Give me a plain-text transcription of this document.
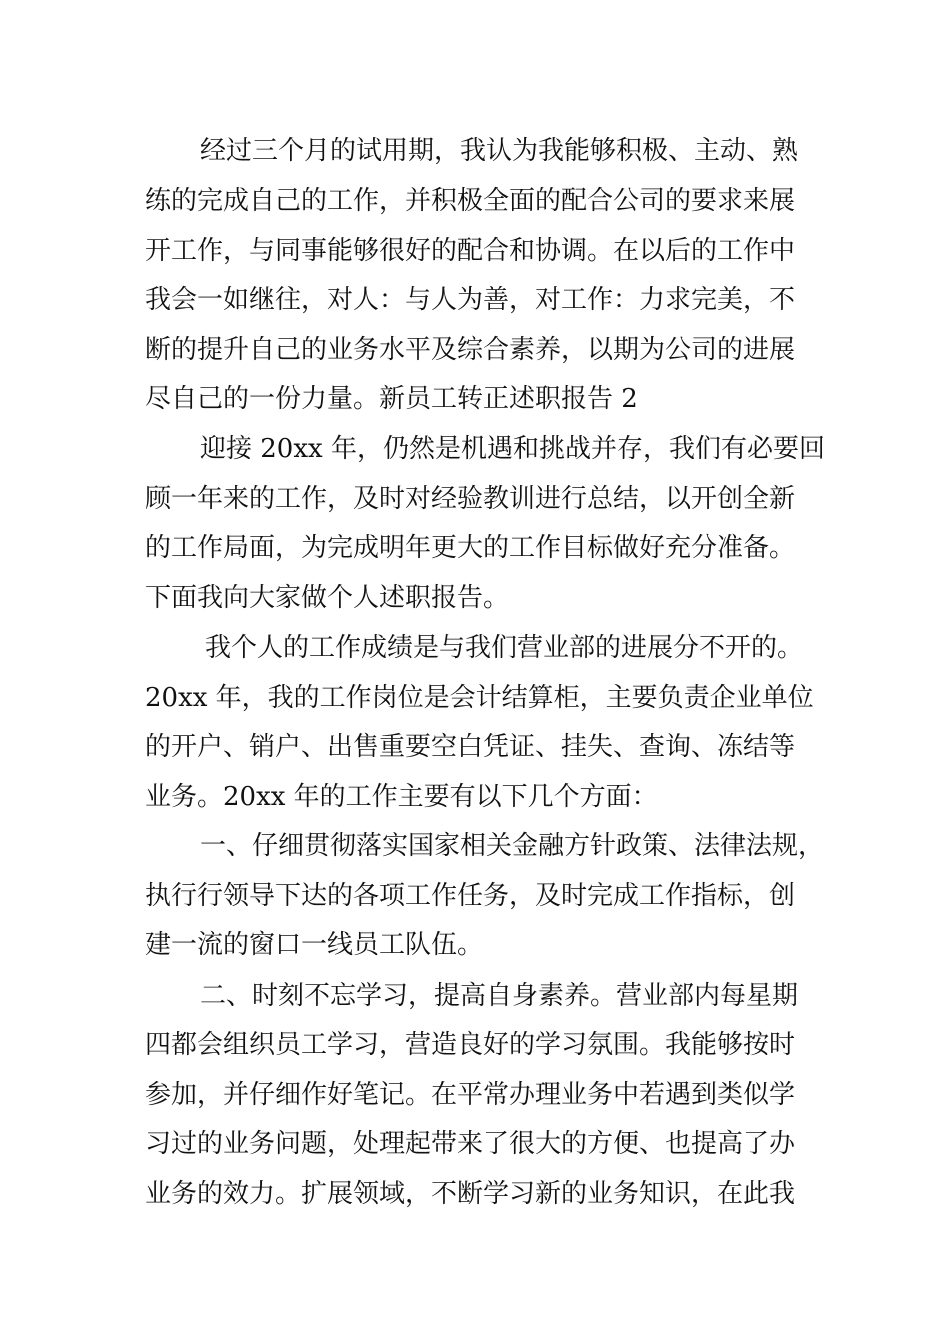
经过三个月的试用期，我认为我能够积极、主动、熟
练的完成自己的工作，并积极全面的配合公司的要求来展
开工作，与同事能够很好的配合和协调。在以后的工作中
我会一如继往，对人：与人为善，对工作：力求完美，不
断的提升自己的业务水平及综合素养，以期为公司的进展
尽自己的一份力量。新员工转正述职报告 2
迎接 20xx 年，仍然是机遇和挑战并存，我们有必要回
顾一年来的工作，及时对经验教训进行总结，以开创全新
的工作局面，为完成明年更大的工作目标做好充分准备。
下面我向大家做个人述职报告。
我个人的工作成绩是与我们营业部的进展分不开的。
20xx 年，我的工作岗位是会计结算柜，主要负责企业单位
的开户、销户、出售重要空白凭证、挂失、查询、冻结等
业务。20xx 年的工作主要有以下几个方面：
一、仔细贯彻落实国家相关金融方针政策、法律法规，
执行行领导下达的各项工作任务，及时完成工作指标，创
建一流的窗口一线员工队伍。
二、时刻不忘学习，提高自身素养。营业部内每星期
四都会组织员工学习，营造良好的学习氛围。我能够按时
参加，并仔细作好笔记。在平常办理业务中若遇到类似学
习过的业务问题，处理起带来了很大的方便、也提高了办
业务的效力。扩展领域，不断学习新的业务知识，在此我
